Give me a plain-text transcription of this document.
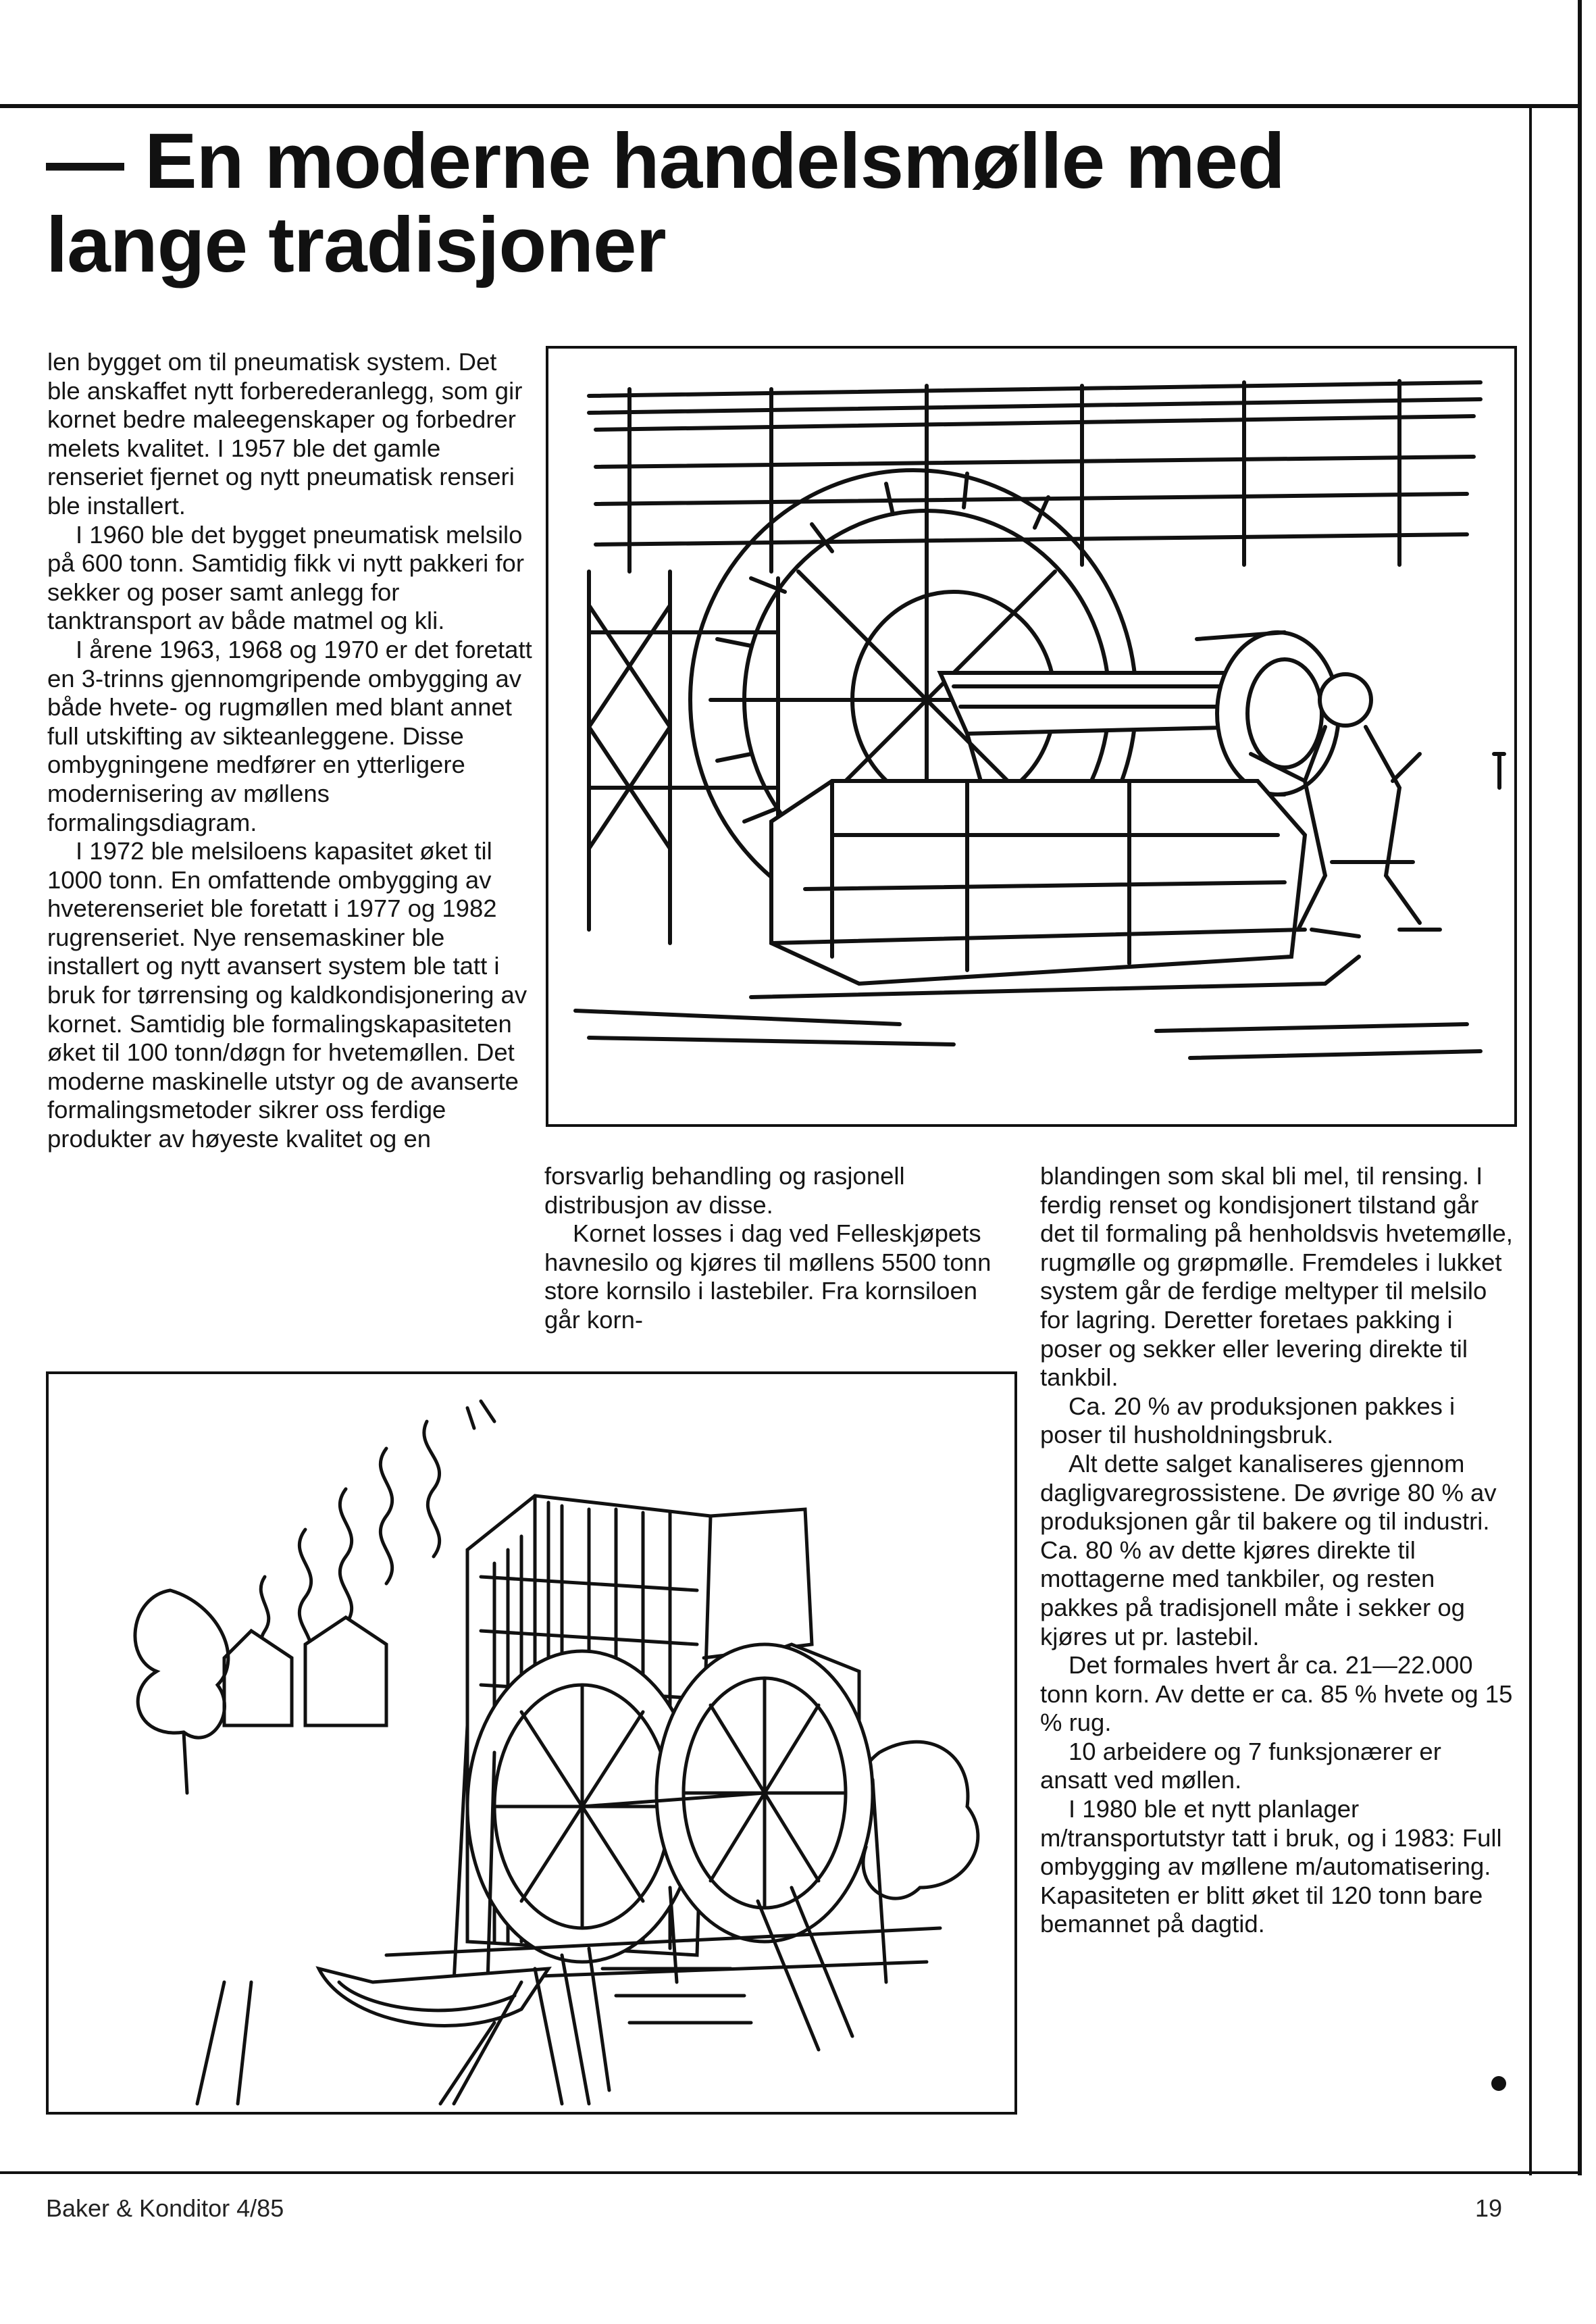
— En moderne handelsmølle med lange tradisjoner

len bygget om til pneumatisk system. Det ble anskaffet nytt forberederanlegg, som gir kornet bedre maleegenskaper og forbedrer melets kvalitet. I 1957 ble det gamle renseriet fjernet og nytt pneumatisk renseri ble installert.

I 1960 ble det bygget pneumatisk melsilo på 600 tonn. Samtidig fikk vi nytt pakkeri for sekker og poser samt anlegg for tanktransport av både matmel og kli.

I årene 1963, 1968 og 1970 er det foretatt en 3-trinns gjennomgripende ombygging av både hvete- og rugmøllen med blant annet full utskifting av sikteanleggene. Disse ombygningene medfører en ytterligere modernisering av møllens formalingsdiagram.

I 1972 ble melsiloens kapasitet øket til 1000 tonn. En omfattende ombygging av hveterenseriet ble foretatt i 1977 og 1982 rugrenseriet. Nye rensemaskiner ble installert og nytt avansert system ble tatt i bruk for tørrensing og kaldkondisjonering av kornet. Samtidig ble formalingskapasiteten øket til 100 tonn/døgn for hvetemøllen. Det moderne maskinelle utstyr og de avanserte formalingsmetoder sikrer oss ferdige produkter av høyeste kvalitet og en

forsvarlig behandling og rasjonell distribusjon av disse.

Kornet losses i dag ved Felleskjøpets havnesilo og kjøres til møllens 5500 tonn store kornsilo i lastebiler. Fra kornsiloen går korn-

blandingen som skal bli mel, til rensing. I ferdig renset og kondisjonert tilstand går det til formaling på henholdsvis hvetemølle, rugmølle og grøpmølle. Fremdeles i lukket system går de ferdige meltyper til melsilo for lagring. Deretter foretaes pakking i poser og sekker eller levering direkte til tankbil.

Ca. 20 % av produksjonen pakkes i poser til husholdningsbruk.

Alt dette salget kanaliseres gjennom dagligvaregrossistene. De øvrige 80 % av produksjonen går til bakere og til industri. Ca. 80 % av dette kjøres direkte til mottagerne med tankbiler, og resten pakkes på tradisjonell måte i sekker og kjøres ut pr. lastebil.

Det formales hvert år ca. 21—22.000 tonn korn. Av dette er ca. 85 % hvete og 15 % rug.

10 arbeidere og 7 funksjonærer er ansatt ved møllen.

I 1980 ble et nytt planlager m/transportutstyr tatt i bruk, og i 1983: Full ombygging av møllene m/automatisering. Kapasiteten er blitt øket til 120 tonn bare bemannet på dagtid.

Baker & Konditor 4/85	19
